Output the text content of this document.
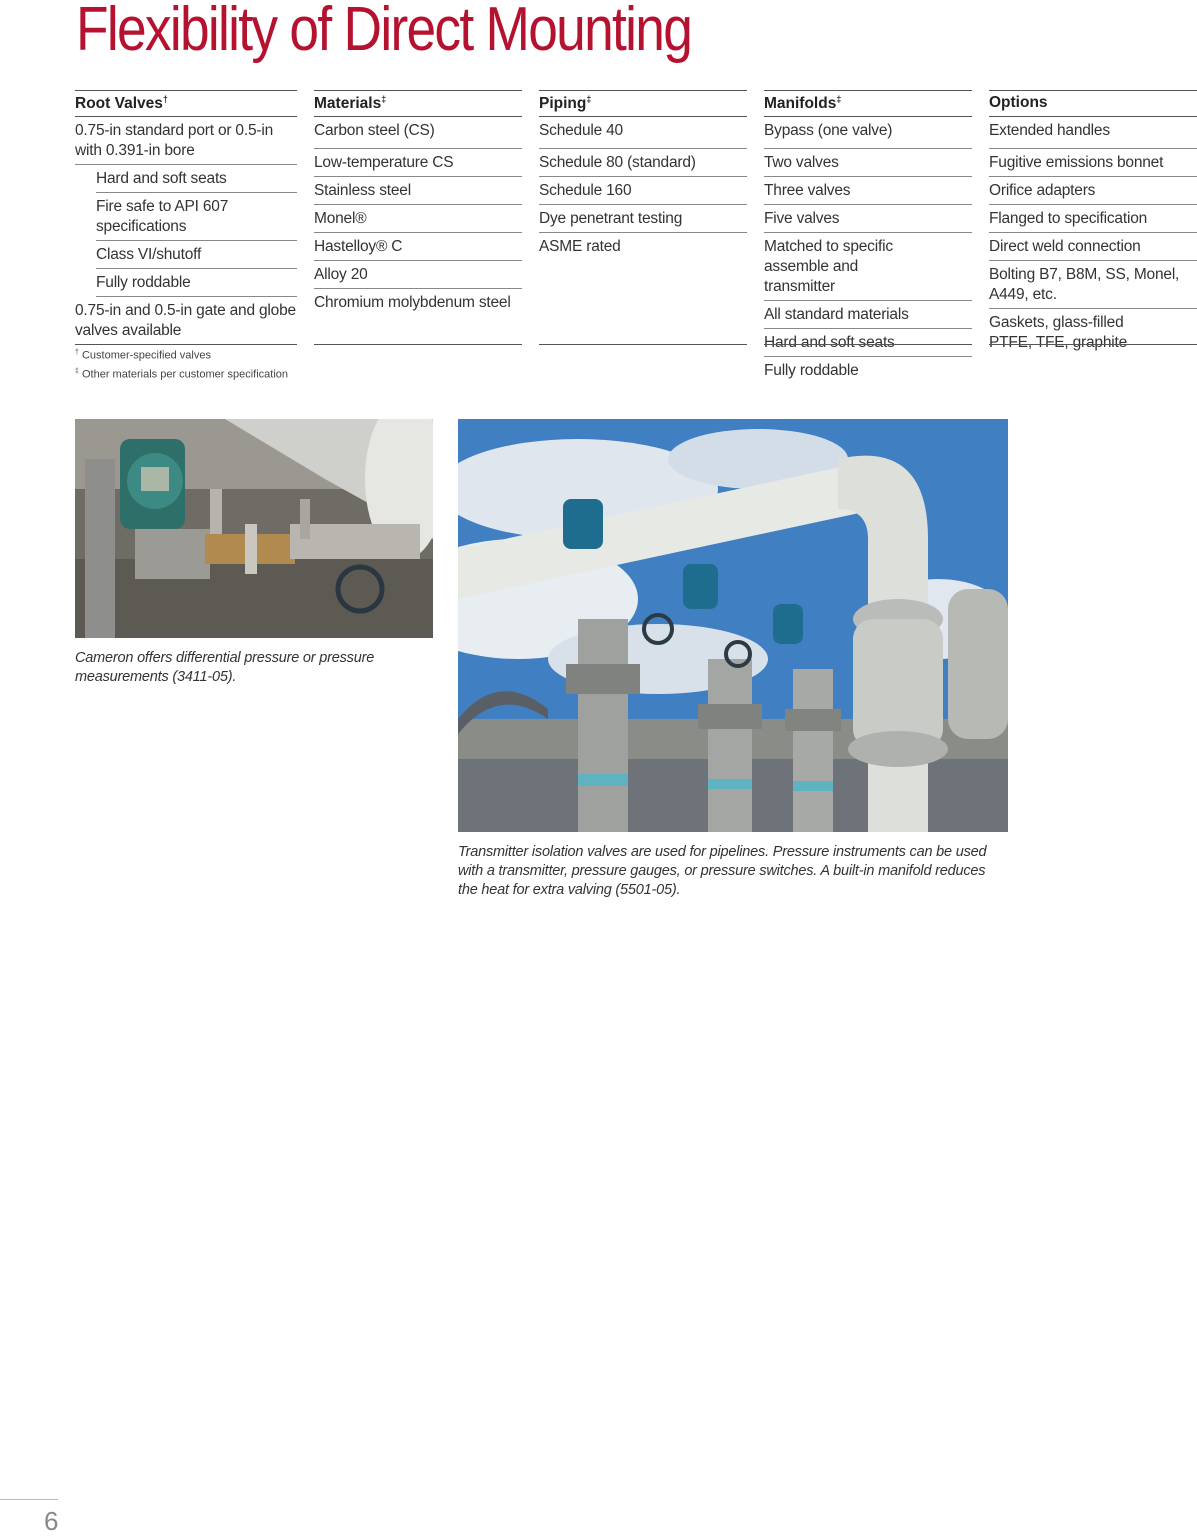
Flexibility of Direct Mounting
Root Valves†
0.75-in standard port or 0.5-in with 0.391-in bore
Hard and soft seats
Fire safe to API 607 specifications
Class VI/shutoff
Fully roddable
0.75-in and 0.5-in gate and globe valves available
Materials‡
Carbon steel (CS)
Low-temperature CS
Stainless steel
Monel®
Hastelloy® C
Alloy 20
Chromium molybdenum steel
Piping‡
Schedule 40
Schedule 80 (standard)
Schedule 160
Dye penetrant testing
ASME rated
Manifolds‡
Bypass (one valve)
Two valves
Three valves
Five valves
Matched to specific assemble and transmitter
All standard materials
Hard and soft seats
Fully roddable
Options
Extended handles
Fugitive emissions bonnet
Orifice adapters
Flanged to specification
Direct weld connection
Bolting B7, B8M, SS, Monel, A449, etc.
Gaskets, glass-filled PTFE, TFE, graphite
† Customer-specified valves
‡ Other materials per customer specification
Cameron offers differential pressure or pressure measurements (3411-05).
Transmitter isolation valves are used for pipelines. Pressure instruments can be used with a transmitter, pressure gauges, or pressure switches. A built-in manifold reduces the heat for extra valving (5501-05).
6
